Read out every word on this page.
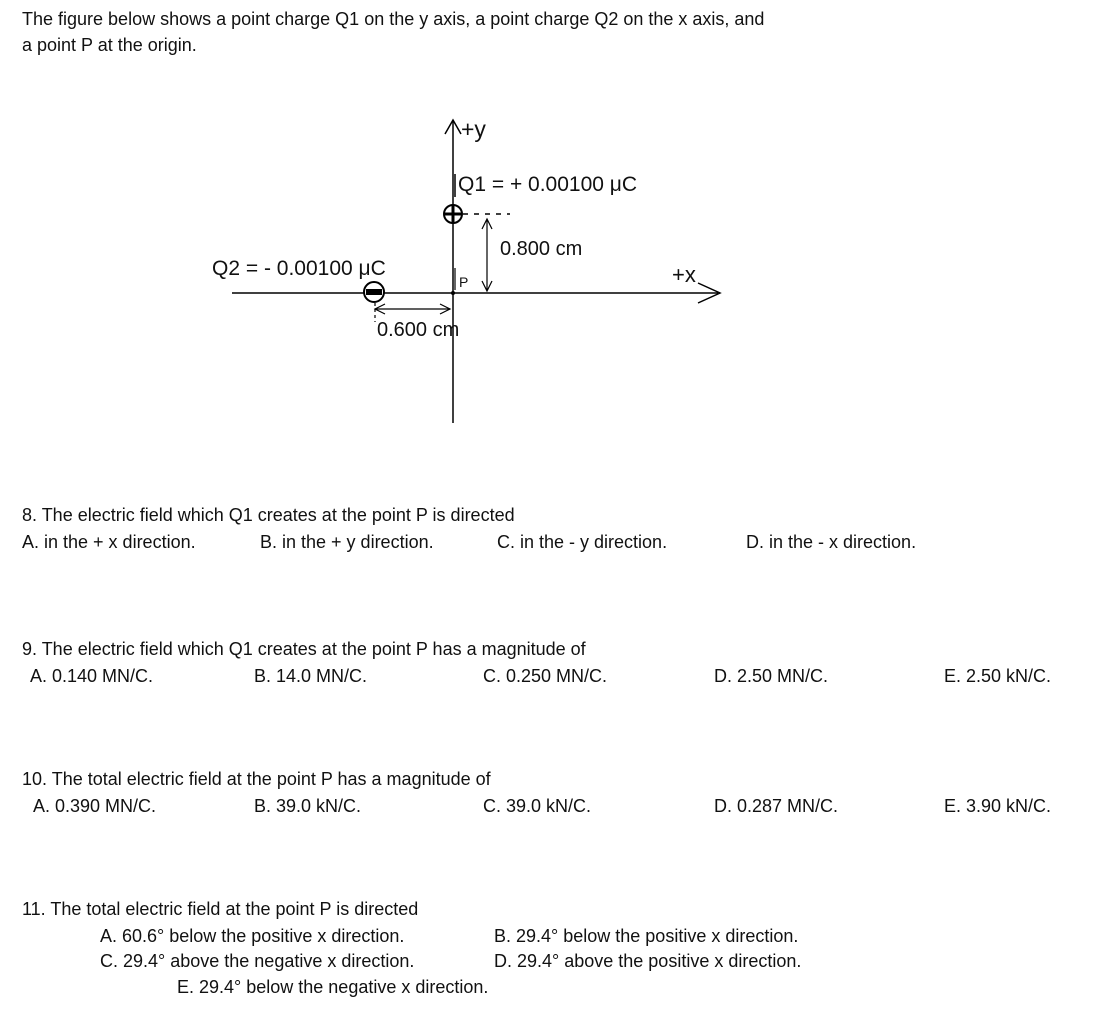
The figure below shows a point charge Q1 on the y axis, a point charge Q2 on the x axis, and
a point P at the origin.
+y
Q1 = + 0.00100 μC
0.800 cm
Q2 = - 0.00100 μC
P	+x
0.600 cm
8. The electric field which Q1 creates at the point P is directed
A. in the + x direction.	B. in the + y direction.	C. in the - y direction.	D. in the - x direction.
9. The electric field which Q1 creates at the point P has a magnitude of
A. 0.140 MN/C.	B. 14.0 MN/C.	C. 0.250 MN/C.	D. 2.50 MN/C.	E. 2.50 kN/C.
10. The total electric field at the point P has a magnitude of
A. 0.390 MN/C.	B. 39.0 kN/C.	C. 39.0 kN/C.	D. 0.287 MN/C.	E. 3.90 kN/C.
11. The total electric field at the point P is directed
A. 60.6° below the positive x direction.	B. 29.4° below the positive x direction.
C. 29.4° above the negative x direction.	D. 29.4° above the positive x direction.
E. 29.4° below the negative x direction.
